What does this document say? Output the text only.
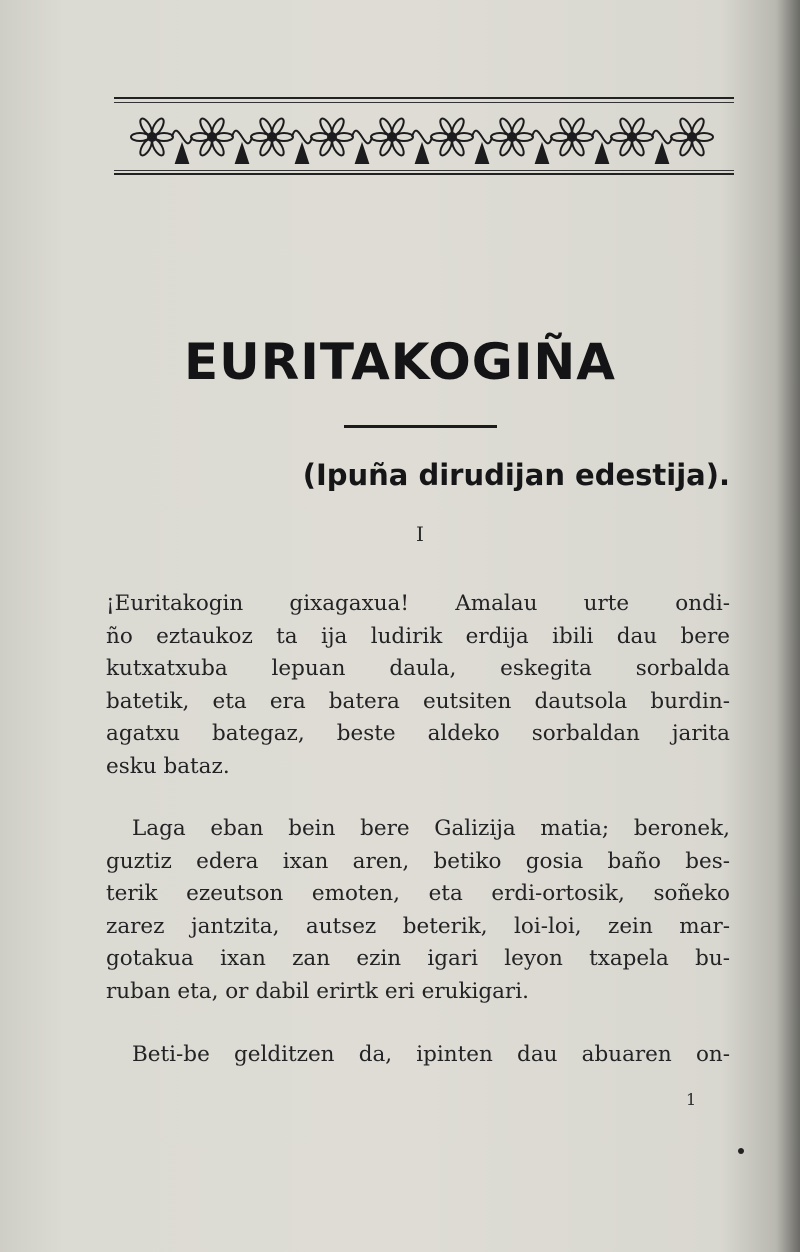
EURITAKOGIÑA

(Ipuña dirudijan edestija).

I

¡Euritakogin gixagaxua! Amalau urte ondi-
ño eztaukoz ta ija ludirik erdija ibili dau bere
kutxatxuba lepuan daula, eskegita sorbalda
batetik, eta era batera eutsiten dautsola burdin-
agatxu bategaz, beste aldeko sorbaldan jarita
esku bataz.
Laga eban bein bere Galizija matia; beronek,
guztiz edera ixan aren, betiko gosia baño bes-
terik ezeutson emoten, eta erdi-ortosik, soñeko
zarez jantzita, autsez beterik, loi-loi, zein mar-
gotakua ixan zan ezin igari leyon txapela bu-
ruban eta, or dabil erirtk eri erukigari.
Beti-be gelditzen da, ipinten dau abuaren on-

1
